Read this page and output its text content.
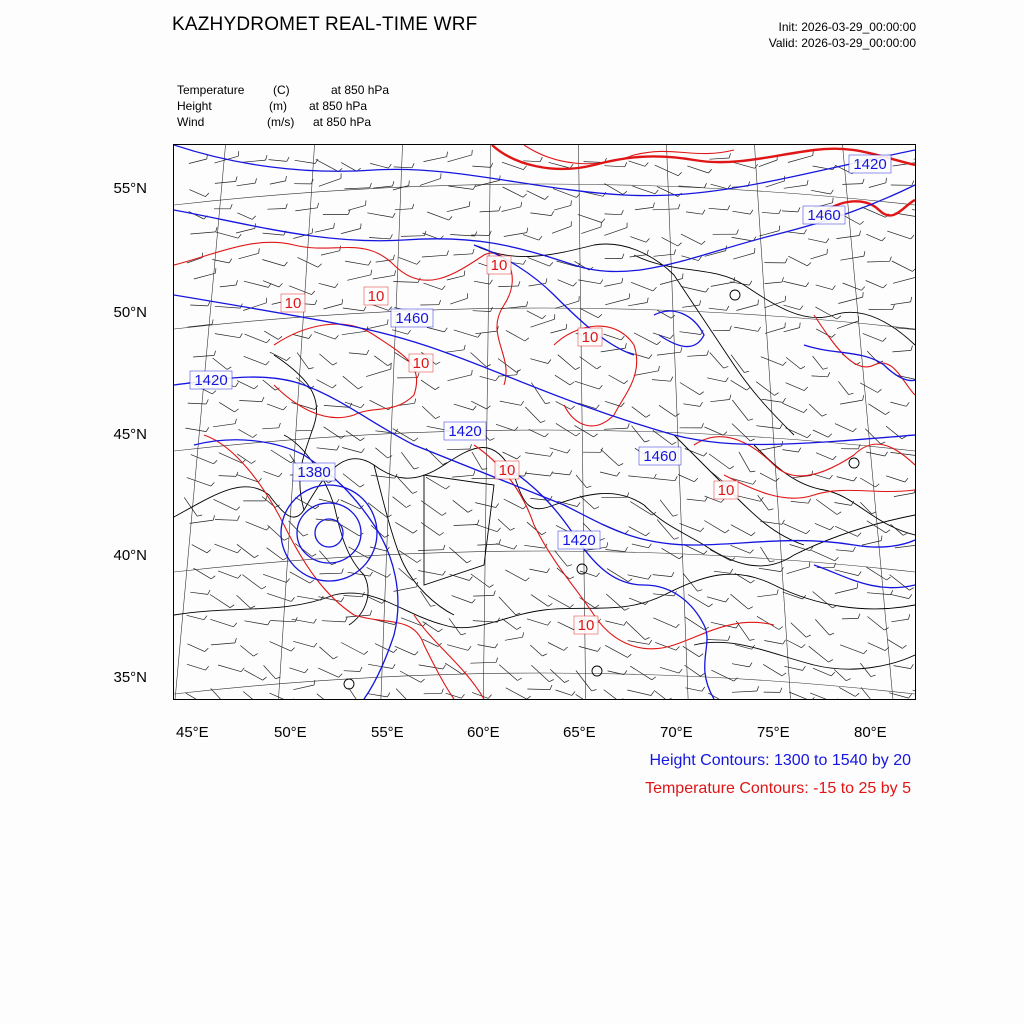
KAZHYDROMET REAL-TIME WRF	Init: 2026-03-29_00:00:00
Valid: 2026-03-29_00:00:00
Temperature (C)	at 850 hPa
Height	(m) at 850 hPa
Wind	(m/s) at 850 hPa
1420
1460
1460
1420
1420
1380
1460
1420
10
10	10
10
10
10
10
10
55°N
50°N
45°N
40°N
35°N
45°E	50°E	55°E	60°E	65°E	70°E	75°E	80°E
Height Contours: 1300 to 1540 by 20
Temperature Contours: -15 to 25 by 5
